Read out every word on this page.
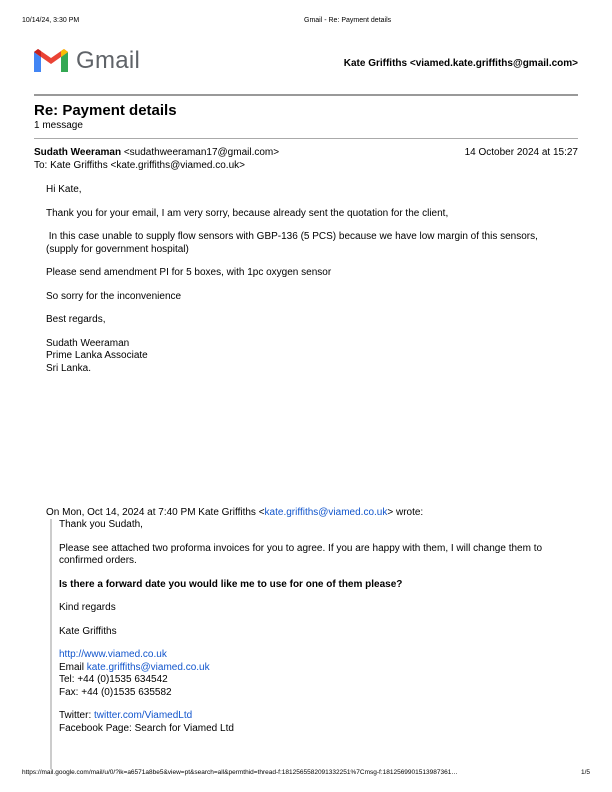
10/14/24, 3:30 PM	Gmail - Re: Payment details
Gmail	Kate Griffiths <viamed.kate.griffiths@gmail.com>
Re: Payment details
1 message
Sudath Weeraman <sudathweeraman17@gmail.com>	14 October 2024 at 15:27
To: Kate Griffiths <kate.griffiths@viamed.co.uk>

Hi Kate,

Thank you for your email, I am very sorry, because already sent the quotation for the client,

In this case unable to supply flow sensors with GBP-136 (5 PCS) because we have low margin of this sensors, (supply for government hospital)

Please send amendment PI for 5 boxes, with 1pc oxygen sensor

So sorry for the inconvenience

Best regards,

Sudath Weeraman
Prime Lanka Associate
Sri Lanka.
On Mon, Oct 14, 2024 at 7:40 PM Kate Griffiths <kate.griffiths@viamed.co.uk> wrote:

Thank you Sudath,

Please see attached two proforma invoices for you to agree. If you are happy with them, I will change them to confirmed orders.

Is there a forward date you would like me to use for one of them please?

Kind regards

Kate Griffiths

http://www.viamed.co.uk
Email kate.griffiths@viamed.co.uk
Tel: +44 (0)1535 634542
Fax: +44 (0)1535 635582
Twitter: twitter.com/ViamedLtd
Facebook Page: Search for Viamed Ltd
https://mail.google.com/mail/u/0/?ik=a6571a8be5&view=pt&search=all&permthid=thread-f:1812565582091332251%7Cmsg-f:1812569901513987361…	1/5
